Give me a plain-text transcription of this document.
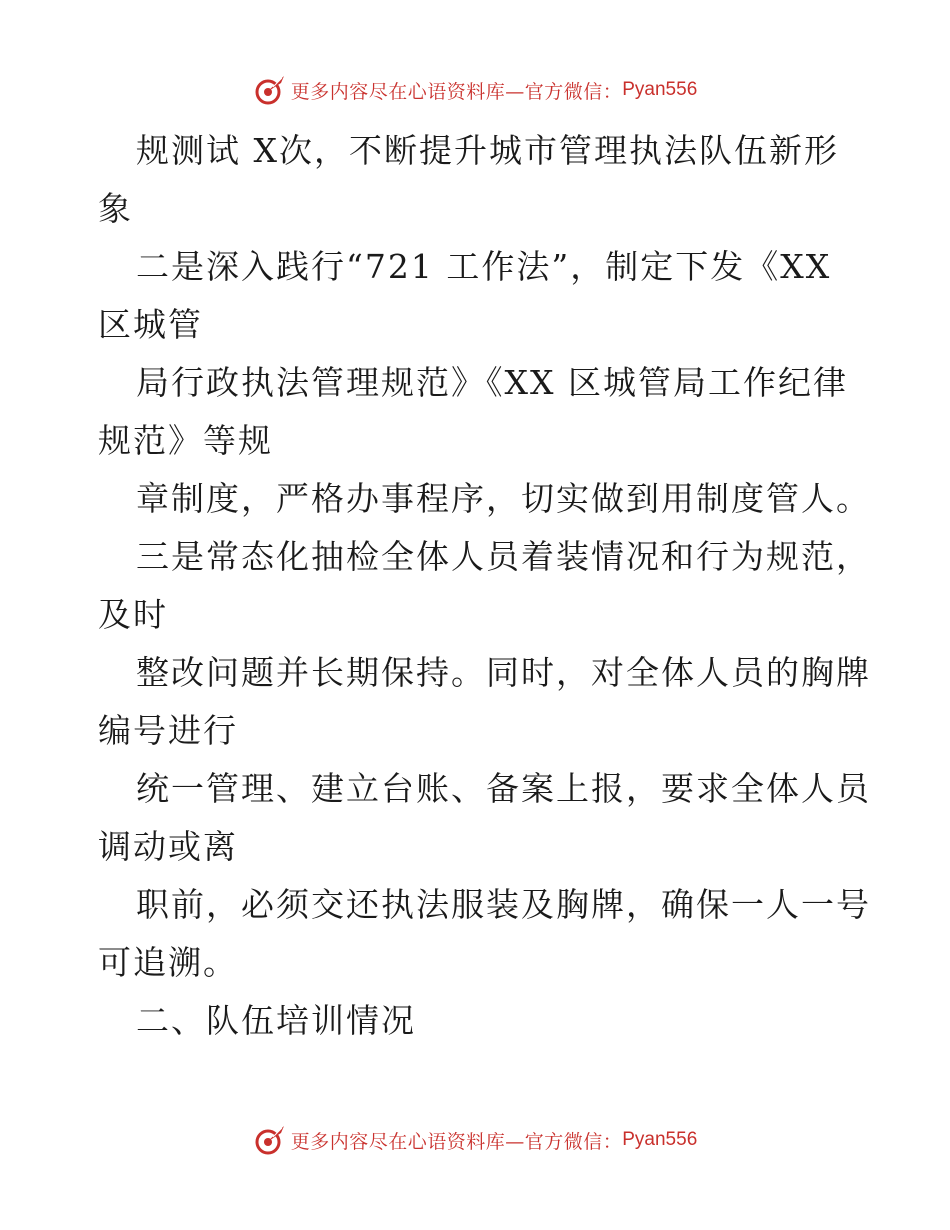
更多内容尽在心语资料库—官方微信： Pyan556
规测试 X次，不断提升城市管理执法队伍新形
象
二是深入践行“721 工作法”，制定下发《XX
区城管
局行政执法管理规范》《XX 区城管局工作纪律
规范》等规
章制度，严格办事程序，切实做到用制度管人。
三是常态化抽检全体人员着装情况和行为规范，
及时
整改问题并长期保持。同时，对全体人员的胸牌
编号进行
统一管理、建立台账、备案上报，要求全体人员
调动或离
职前，必须交还执法服装及胸牌，确保一人一号
可追溯。
二、队伍培训情况
更多内容尽在心语资料库—官方微信： Pyan556
